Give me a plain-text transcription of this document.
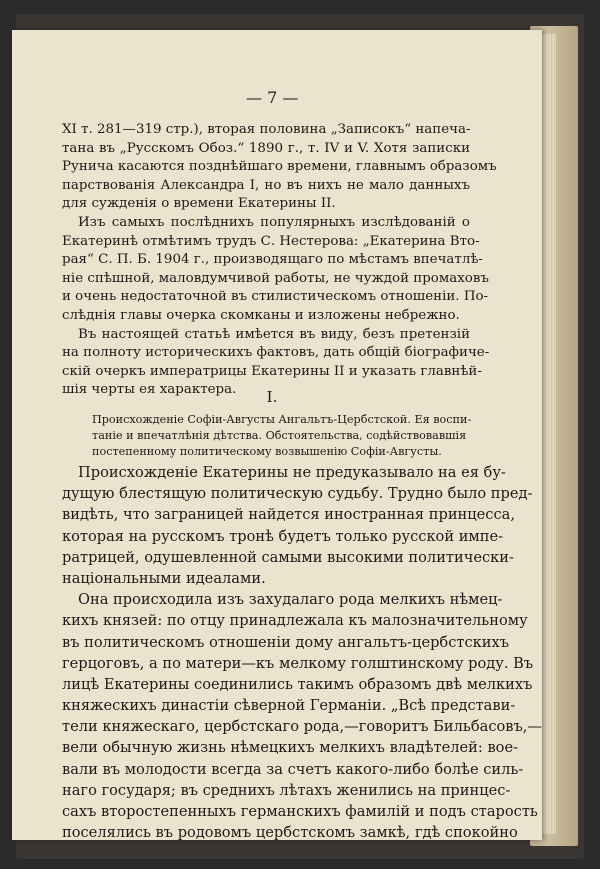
— 7 —
XI т. 281—319 стр.), вторая половина „Записокъ“ напеча-
тана въ „Русскомъ Обоз.“ 1890 г., т. IV и V. Хотя записки
Рунича касаются позднѣйшаго времени, главнымъ образомъ
парствованія Александра I, но въ нихъ не мало данныхъ
для сужденія о времени Екатерины II.
Изъ самыхъ послѣднихъ популярныхъ изслѣдованій о
Екатеринѣ отмѣтимъ трудъ С. Нестерова: „Екатерина Вто-
рая“ С. П. Б. 1904 г., производящаго по мѣстамъ впечатлѣ-
ніе спѣшной, маловдумчивой работы, не чуждой промаховъ
и очень недостаточной въ стилистическомъ отношеніи. По-
слѣднія главы очерка скомканы и изложены небрежно.
Въ настоящей статьѣ имѣется въ виду, безъ претензій
на полноту историческихъ фактовъ, дать общій біографиче-
скій очеркъ императрицы Екатерины II и указать главнѣй-
шія черты ея характера.	I.
Происхожденіе Софіи-Августы Ангальтъ-Цербстской. Ея воспи-
таніе и впечатлѣнія дѣтства. Обстоятельства, содѣйствовавшія
постепенному политическому возвышенію Софіи-Августы.
Происхожденіе Екатерины не предуказывало на ея бу-
дущую блестящую политическую судьбу. Трудно было пред-
видѣть, что заграницей найдется иностранная принцесса,
которая на русскомъ тронѣ будетъ только русской импе-
ратрицей, одушевленной самыми высокими политически-
національными идеалами.
Она происходила изъ захудалаго рода мелкихъ нѣмец-
кихъ князей: по отцу принадлежала къ малозначительному
въ политическомъ отношеніи дому ангальтъ-цербстскихъ
герцоговъ, а по матери—къ мелкому голштинскому роду. Въ
лицѣ Екатерины соединились такимъ образомъ двѣ мелкихъ
княжескихъ династіи сѣверной Германіи. „Всѣ представи-
тели княжескаго, цербстскаго рода,—говоритъ Бильбасовъ,—
вели обычную жизнь нѣмецкихъ мелкихъ владѣтелей: вое-
вали въ молодости всегда за счетъ какого-либо болѣе силь-
наго государя; въ среднихъ лѣтахъ женились на принцес-
сахъ второстепенныхъ германскихъ фамилій и подъ старость
поселялись въ родовомъ цербстскомъ замкѣ, гдѣ спокойно
